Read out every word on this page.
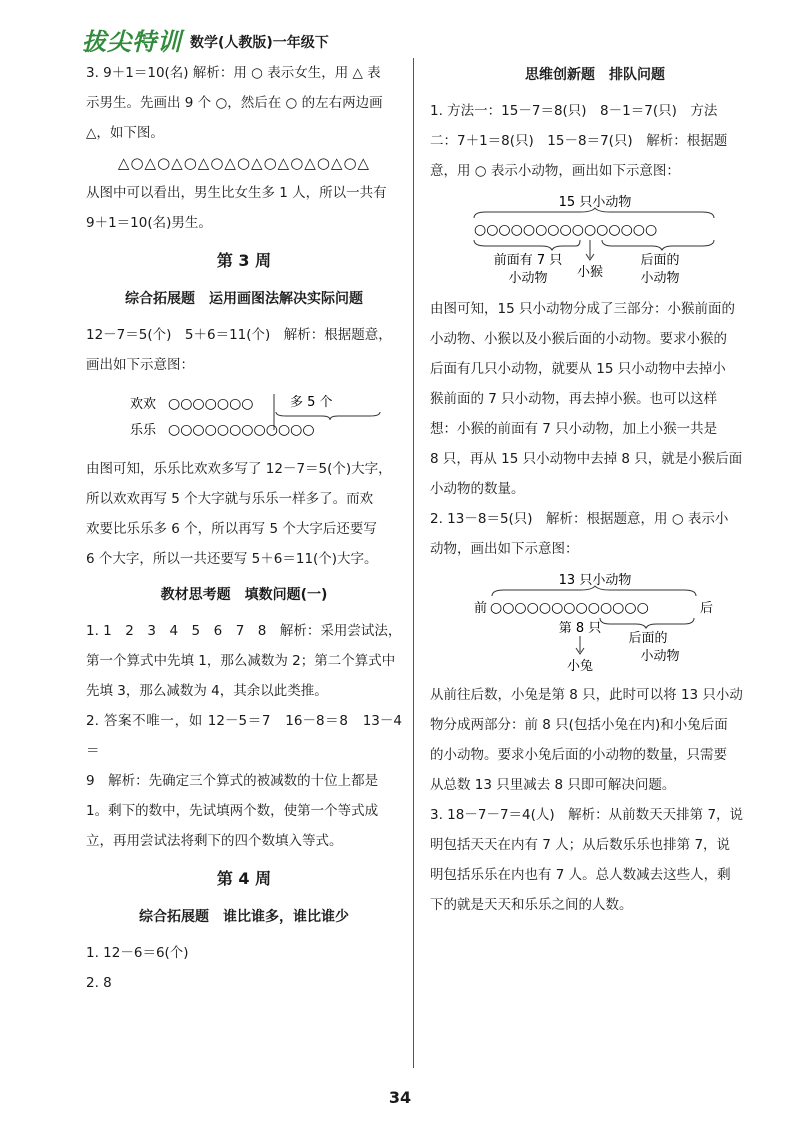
拔尖特训 数学(人教版)一年级下

3. 9＋1＝10(名) 解析：用 ○ 表示女生，用 △ 表

示男生。先画出 9 个 ○，然后在 ○ 的左右两边画

△，如下图。

△○△○△○△○△○△○△○△○△○△

从图中可以看出，男生比女生多 1 人，所以一共有

9＋1＝10(名)男生。

第 3 周
综合拓展题　运用画图法解决实际问题

12－7＝5(个)　5＋6＝11(个)　解析：根据题意，

画出如下示意图：

欢欢 ○○○○○○○	多 5 个
乐乐 ○○○○○○○○○○○○

由图可知，乐乐比欢欢多写了 12－7＝5(个)大字，

所以欢欢再写 5 个大字就与乐乐一样多了。而欢

欢要比乐乐多 6 个，所以再写 5 个大字后还要写

6 个大字，所以一共还要写 5＋6＝11(个)大字。

教材思考题　填数问题(一)

1. 1　2　3　4　5　6　7　8　解析：采用尝试法，

第一个算式中先填 1，那么减数为 2；第二个算式中

先填 3，那么减数为 4，其余以此类推。

2. 答案不唯一，如 12－5＝7　16－8＝8　13－4＝

9　解析：先确定三个算式的被减数的十位上都是

1。剩下的数中，先试填两个数，使第一个等式成

立，再用尝试法将剩下的四个数填入等式。

第 4 周
综合拓展题　谁比谁多，谁比谁少

1. 12－6＝6(个)

2. 8

思维创新题　排队问题

1. 方法一：15－7＝8(只)　8－1＝7(只)　方法

二：7＋1＝8(只)　15－8＝7(只)　解析：根据题

意，用 ○ 表示小动物，画出如下示意图：

15 只小动物
○○○○○○○○○○○○○○○
前面有 7 只
小动物 小猴
后面的
小动物

由图可知，15 只小动物分成了三部分：小猴前面的

小动物、小猴以及小猴后面的小动物。要求小猴的

后面有几只小动物，就要从 15 只小动物中去掉小

猴前面的 7 只小动物，再去掉小猴。也可以这样

想：小猴的前面有 7 只小动物，加上小猴一共是

8 只，再从 15 只小动物中去掉 8 只，就是小猴后面

小动物的数量。

2. 13－8＝5(只)　解析：根据题意，用 ○ 表示小

动物，画出如下示意图：

13 只小动物
前 ○○○○○○○○○○○○○	后
第 8 只
小兔
后面的
小动物

从前往后数，小兔是第 8 只，此时可以将 13 只小动

物分成两部分：前 8 只(包括小兔在内)和小兔后面

的小动物。要求小兔后面的小动物的数量，只需要

从总数 13 只里减去 8 只即可解决问题。

3. 18－7－7＝4(人)　解析：从前数天天排第 7，说

明包括天天在内有 7 人；从后数乐乐也排第 7，说

明包括乐乐在内也有 7 人。总人数减去这些人，剩

下的就是天天和乐乐之间的人数。

34
